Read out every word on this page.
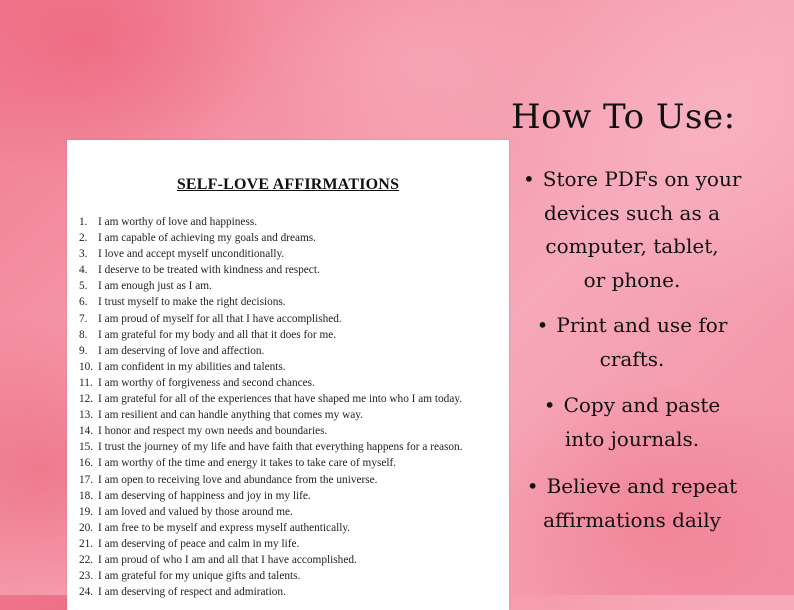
SELF-LOVE AFFIRMATIONS
1. I am worthy of love and happiness.
2. I am capable of achieving my goals and dreams.
3. I love and accept myself unconditionally.
4. I deserve to be treated with kindness and respect.
5. I am enough just as I am.
6. I trust myself to make the right decisions.
7. I am proud of myself for all that I have accomplished.
8. I am grateful for my body and all that it does for me.
9. I am deserving of love and affection.
10. I am confident in my abilities and talents.
11. I am worthy of forgiveness and second chances.
12. I am grateful for all of the experiences that have shaped me into who I am today.
13. I am resilient and can handle anything that comes my way.
14. I honor and respect my own needs and boundaries.
15. I trust the journey of my life and have faith that everything happens for a reason.
16. I am worthy of the time and energy it takes to take care of myself.
17. I am open to receiving love and abundance from the universe.
18. I am deserving of happiness and joy in my life.
19. I am loved and valued by those around me.
20. I am free to be myself and express myself authentically.
21. I am deserving of peace and calm in my life.
22. I am proud of who I am and all that I have accomplished.
23. I am grateful for my unique gifts and talents.
24. I am deserving of respect and admiration.
How To Use:
• Store PDFs on your
devices such as a
computer, tablet,
or phone.
• Print and use for
crafts.
• Copy and paste
into journals.
• Believe and repeat
affirmations daily
